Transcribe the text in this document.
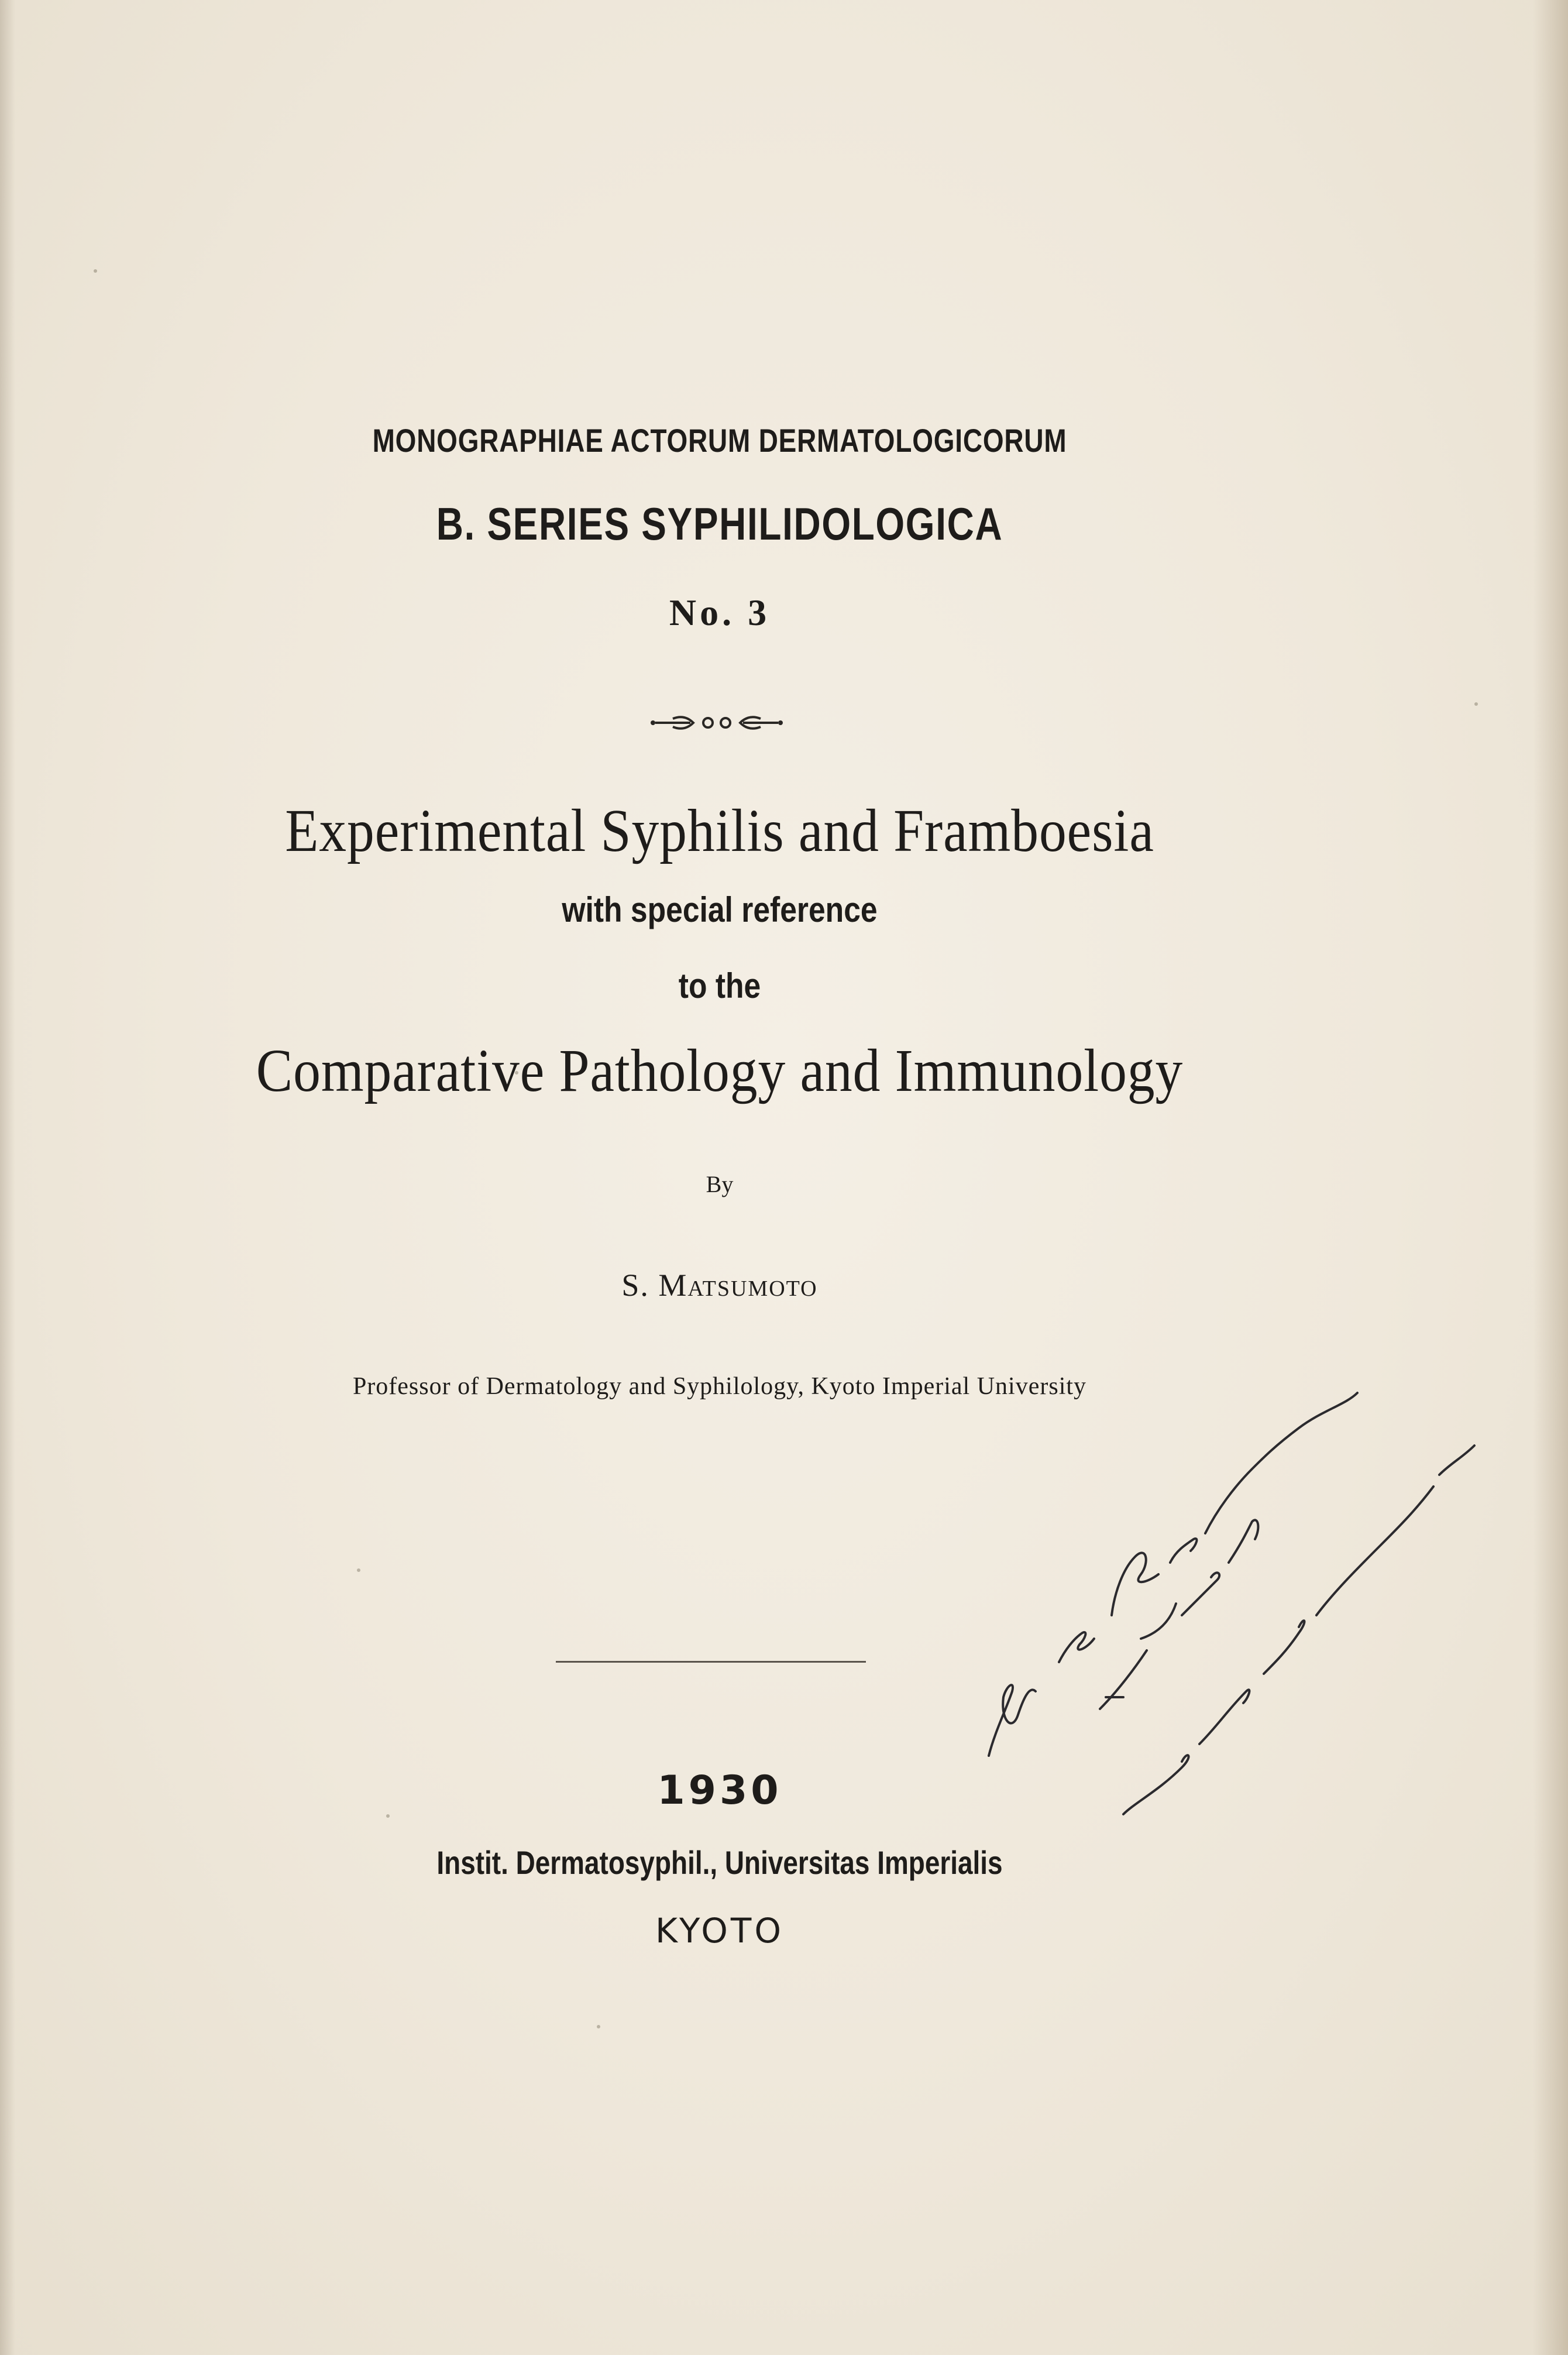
MONOGRAPHIAE ACTORUM DERMATOLOGICORUM
B. SERIES SYPHILIDOLOGICA
No. 3
Experimental Syphilis and Framboesia
with special reference
to the
Comparative Pathology and Immunology
By
S. Matsumoto
Professor of Dermatology and Syphilology, Kyoto Imperial University
1930
Instit. Dermatosyphil., Universitas Imperialis
KYOTO
